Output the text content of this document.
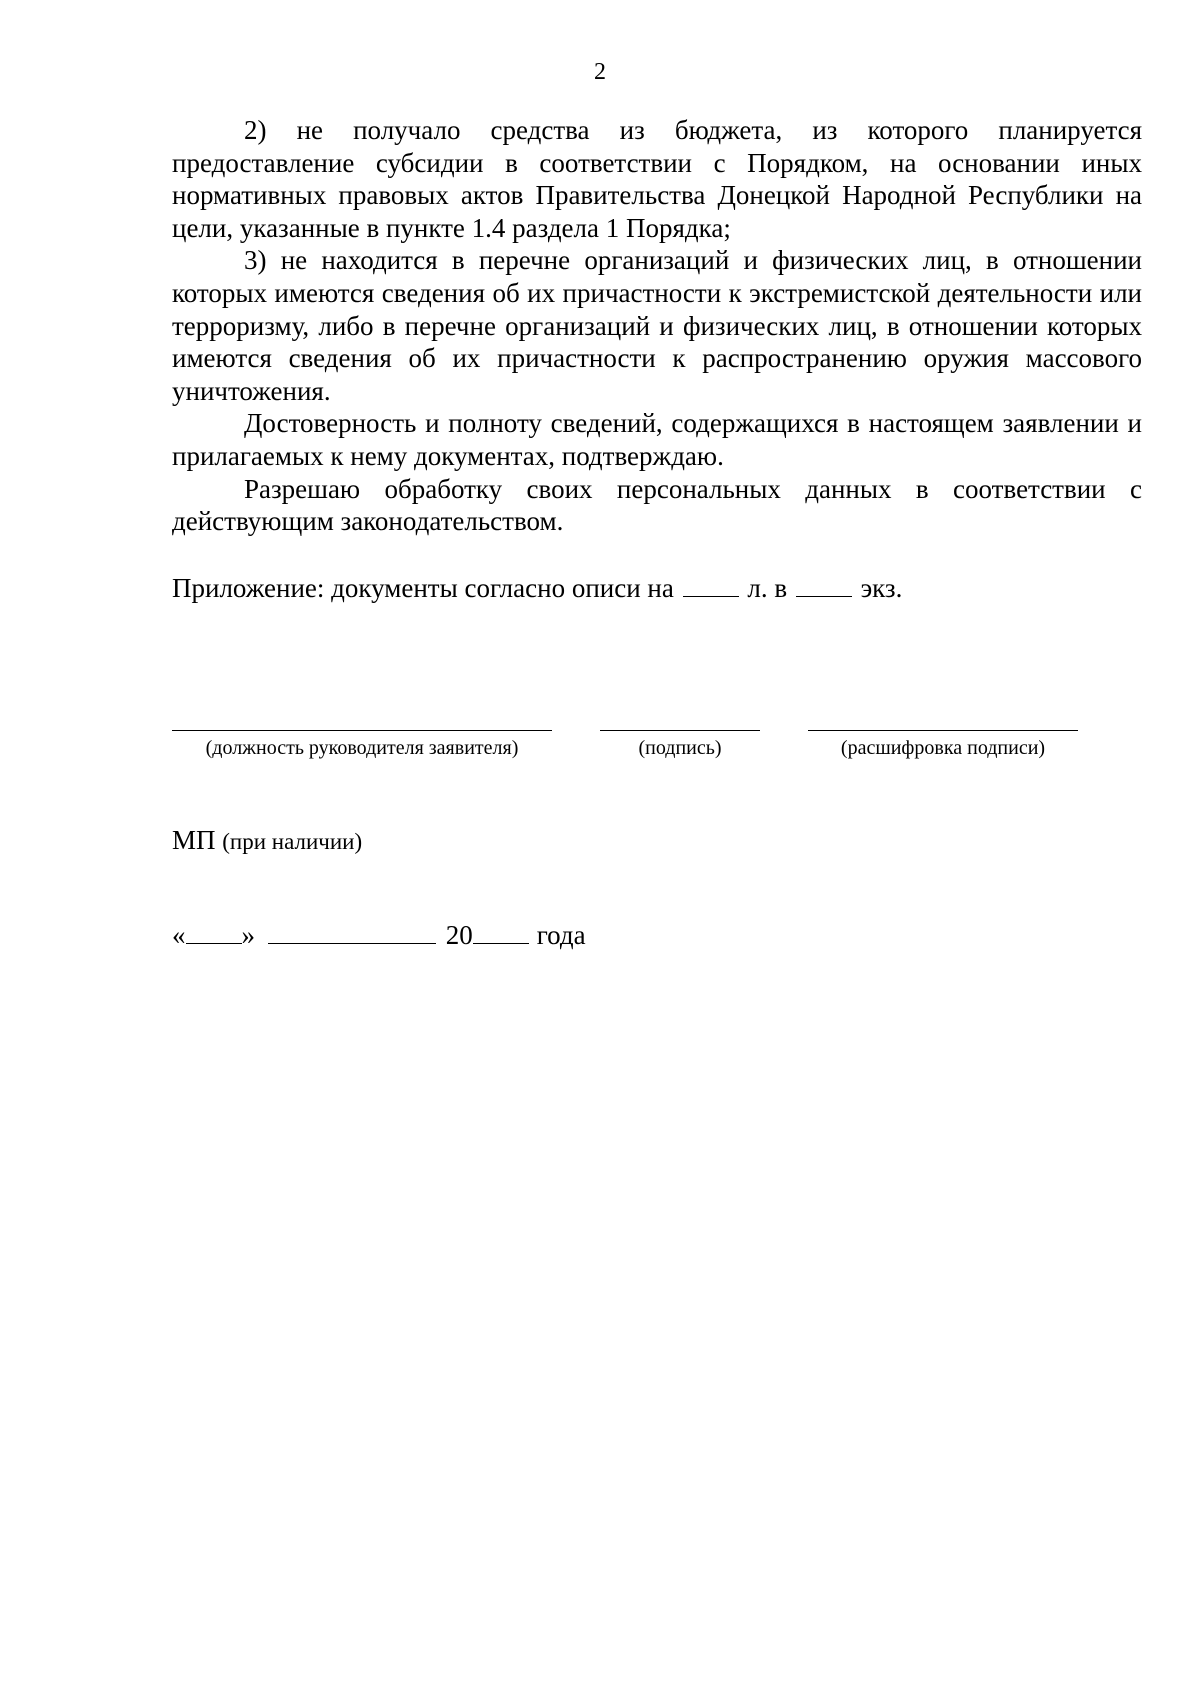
2

2) не получало средства из бюджета, из которого планируется предоставление субсидии в соответствии с Порядком, на основании иных нормативных правовых актов Правительства Донецкой Народной Республики на цели, указанные в пункте 1.4 раздела 1 Порядка;

3) не находится в перечне организаций и физических лиц, в отношении которых имеются сведения об их причастности к экстремистской деятельности или терроризму, либо в перечне организаций и физических лиц, в отношении которых имеются сведения об их причастности к распространению оружия массового уничтожения.

Достоверность и полноту сведений, содержащихся в настоящем заявлении и прилагаемых к нему документах, подтверждаю.

Разрешаю обработку своих персональных данных в соответствии с действующим законодательством.

Приложение: документы согласно описи на	л. в	экз.
(должность руководителя заявителя)	(подпись)	(расшифровка подписи)
МП (при наличии)
« »	20 года
